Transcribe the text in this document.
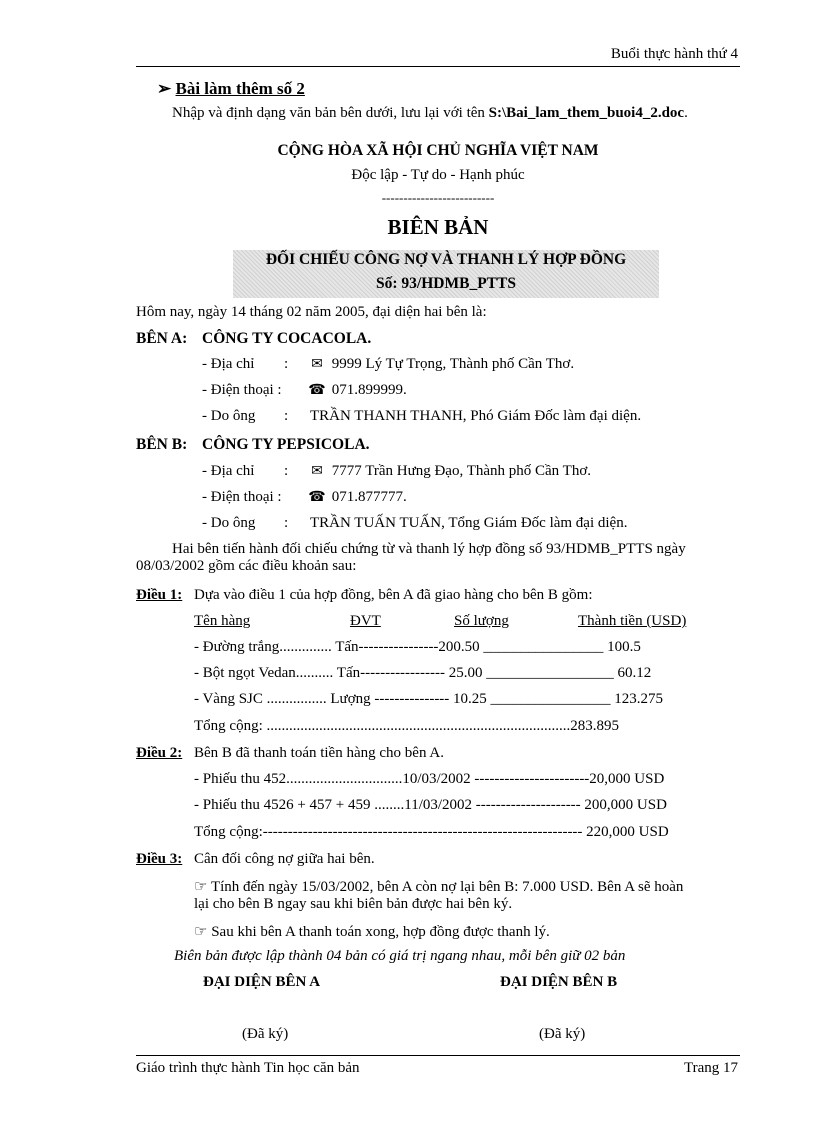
Buổi thực hành thứ 4
➢ Bài làm thêm số 2
Nhập và định dạng văn bản bên dưới, lưu lại với tên S:\Bai_lam_them_buoi4_2.doc.
CỘNG HÒA XÃ HỘI CHỦ NGHĨA VIỆT NAM
Độc lập - Tự do - Hạnh phúc
--------------------------
BIÊN BẢN
ĐỐI CHIẾU CÔNG NỢ VÀ THANH LÝ HỢP ĐỒNG
Số: 93/HDMB_PTTS
Hôm nay, ngày 14 tháng 02 năm 2005, đại diện hai bên là:
BÊN A: CÔNG TY COCACOLA.
- Địa chỉ :	✉ 9999 Lý Tự Trọng, Thành phố Cần Thơ.
- Điện thoại : ☎ 071.899999.
- Do ông : TRẦN THANH THANH, Phó Giám Đốc làm đại diện.
BÊN B: CÔNG TY PEPSICOLA.
- Địa chỉ :	✉ 7777 Trần Hưng Đạo, Thành phố Cần Thơ.
- Điện thoại : ☎ 071.877777.
- Do ông : TRẦN TUẤN TUẤN, Tổng Giám Đốc làm đại diện.
Hai bên tiến hành đối chiếu chứng từ và thanh lý hợp đồng số 93/HDMB_PTTS ngày
08/03/2002 gồm các điều khoản sau:
Điều 1: Dựa vào điều 1 của hợp đồng, bên A đã giao hàng cho bên B gồm:
Tên hàng	ĐVT	Số lượng	Thành tiền (USD)
- Đường trắng.............. Tấn----------------200.50 ________________ 100.5
- Bột ngọt Vedan.......... Tấn----------------- 25.00 _________________ 60.12
- Vàng SJC ................ Lượng --------------- 10.25 ________________ 123.275
Tổng cộng: .................................................................................283.895
Điều 2: Bên B đã thanh toán tiền hàng cho bên A.
- Phiếu thu 452...............................10/03/2002 -----------------------20,000 USD
- Phiếu thu 4526 + 457 + 459 ........11/03/2002 --------------------- 200,000 USD
Tổng cộng:---------------------------------------------------------------- 220,000 USD
Điều 3: Cân đối công nợ giữa hai bên.
☞ Tính đến ngày 15/03/2002, bên A còn nợ lại bên B: 7.000 USD. Bên A sẽ hoàn
lại cho bên B ngay sau khi biên bản được hai bên ký.
☞ Sau khi bên A thanh toán xong, hợp đồng được thanh lý.
Biên bản được lập thành 04 bản có giá trị ngang nhau, mỗi bên giữ 02 bản
ĐẠI DIỆN BÊN A	ĐẠI DIỆN BÊN B
(Đã ký)	(Đã ký)
Giáo trình thực hành Tin học căn bản	Trang 17
